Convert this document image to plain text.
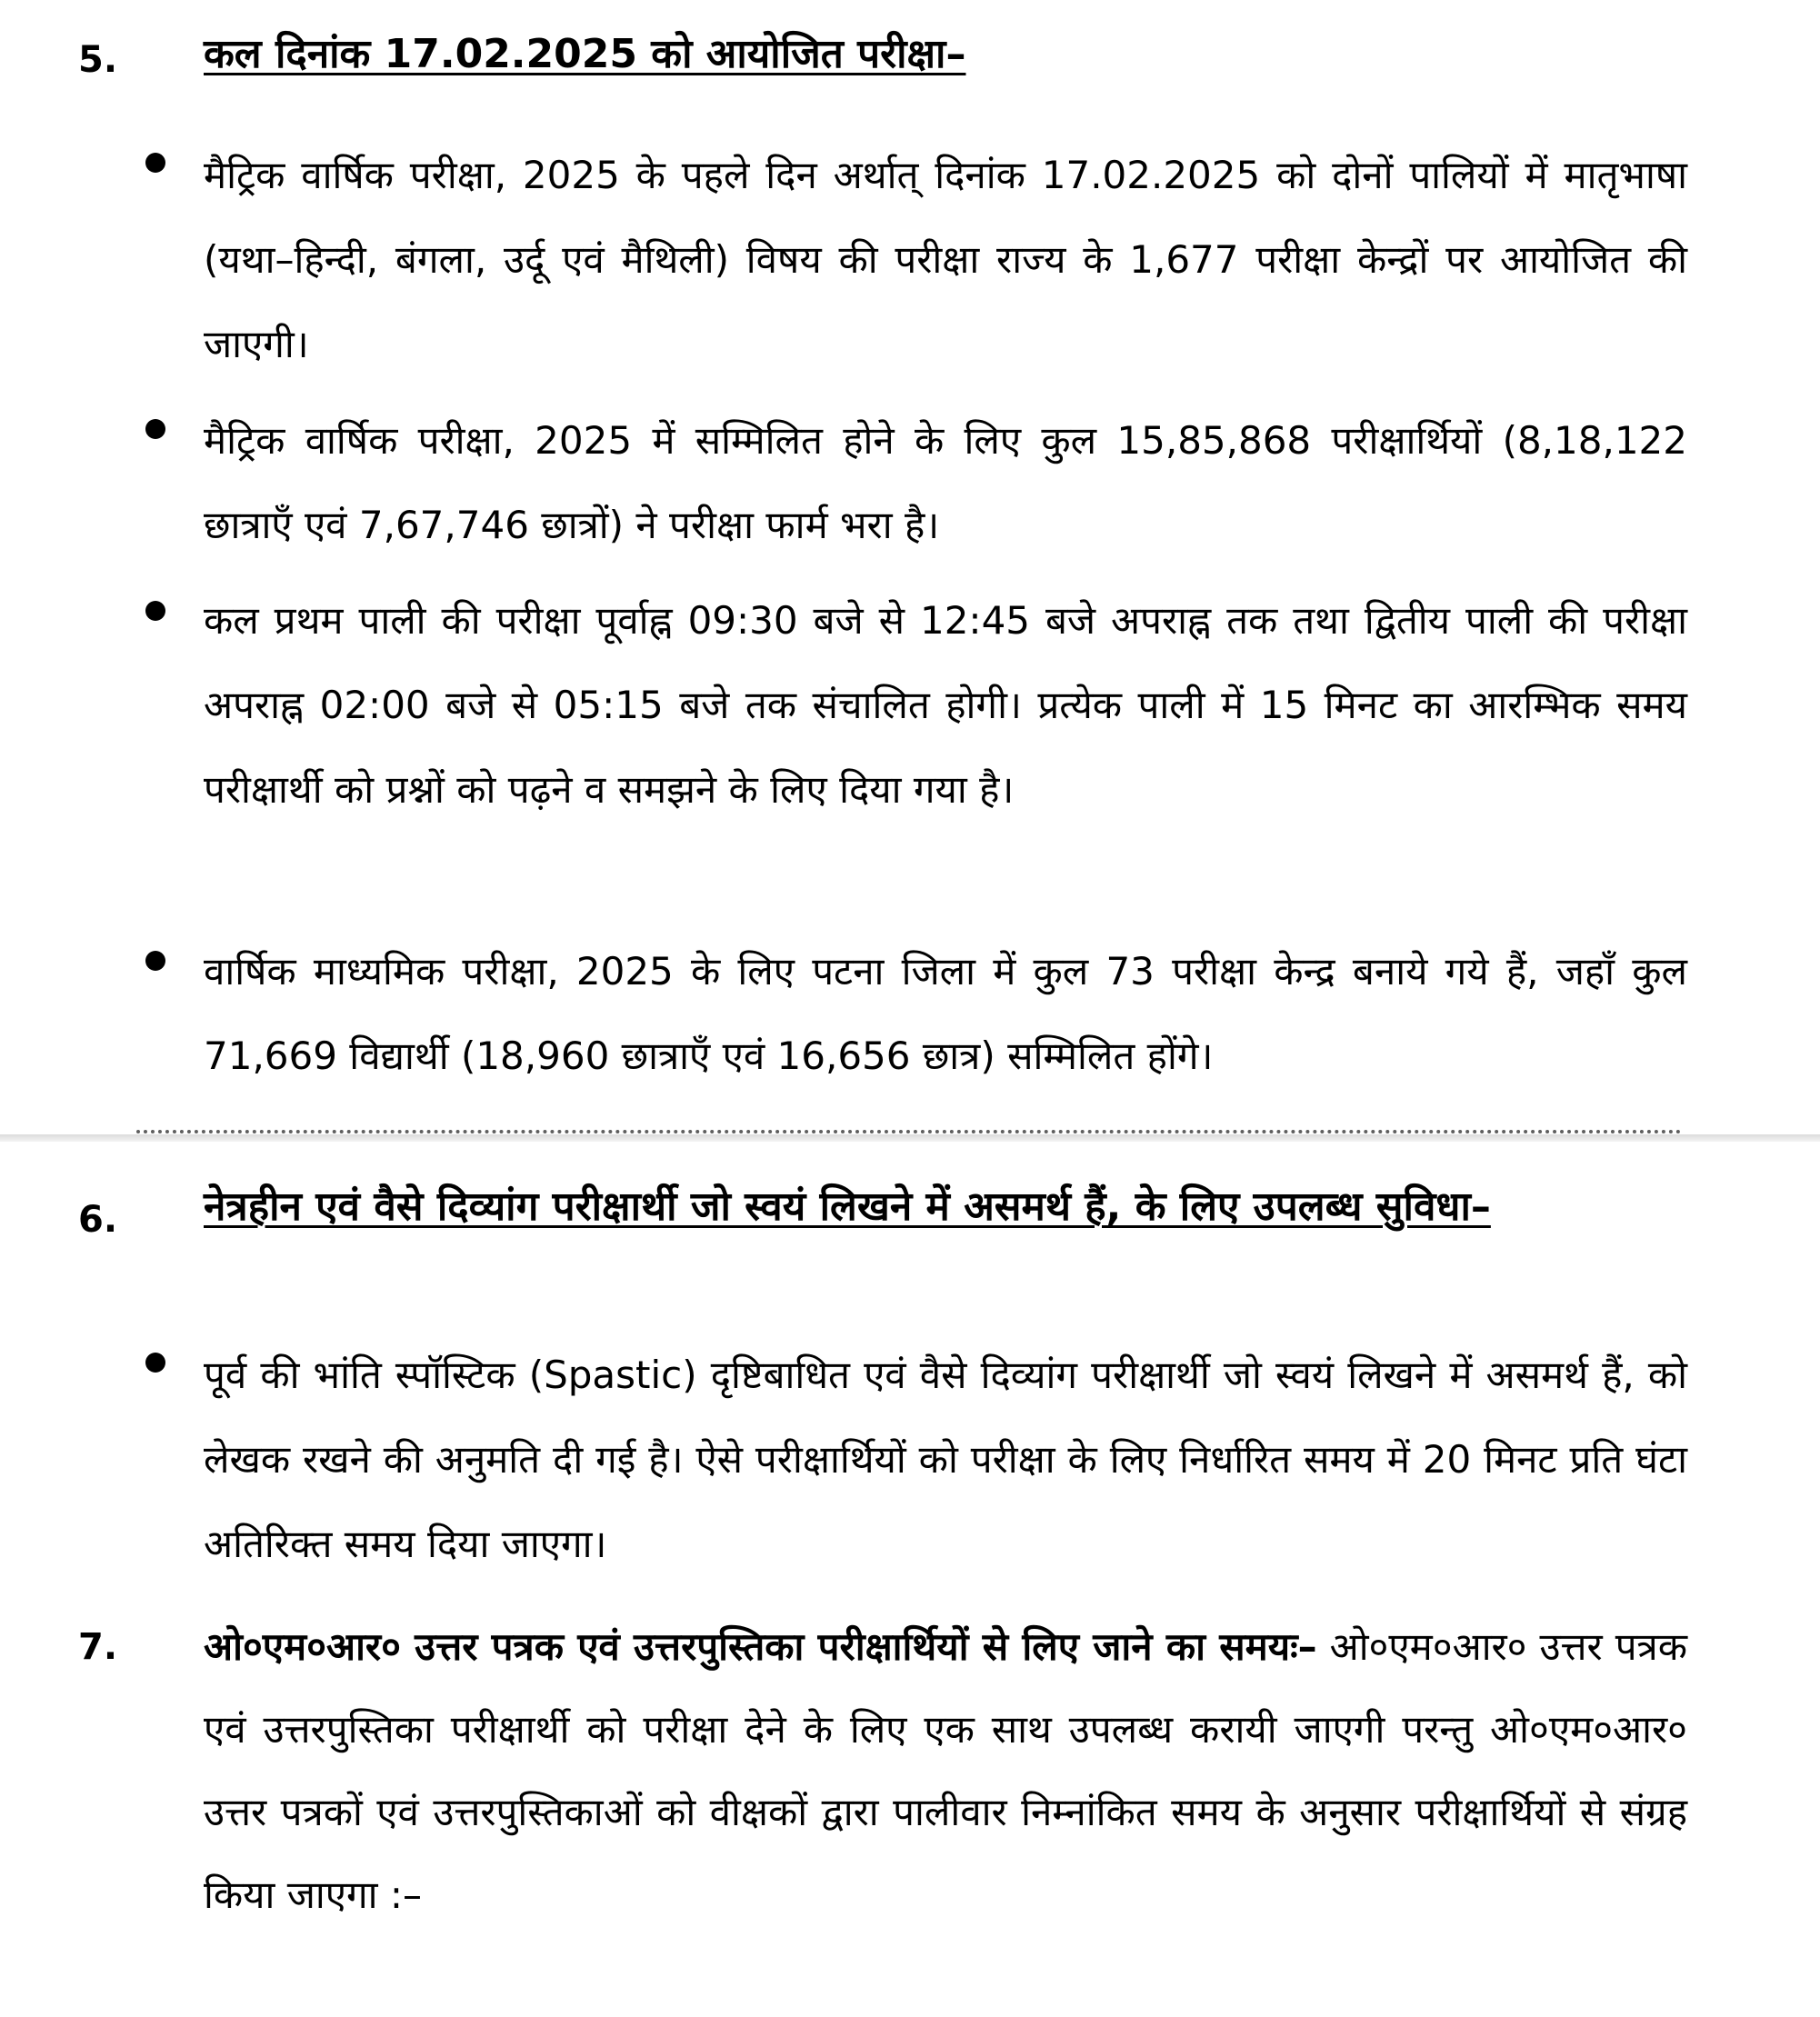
5. कल दिनांक 17.02.2025 को आयोजित परीक्षा–
मैट्रिक वार्षिक परीक्षा, 2025 के पहले दिन अर्थात् दिनांक 17.02.2025 को दोनों पालियों में मातृभाषा (यथा–हिन्दी, बंगला, उर्दू एवं मैथिली) विषय की परीक्षा राज्य के 1,677 परीक्षा केन्द्रों पर आयोजित की जाएगी।
मैट्रिक वार्षिक परीक्षा, 2025 में सम्मिलित होने के लिए कुल 15,85,868 परीक्षार्थियों (8,18,122 छात्राएँ एवं 7,67,746 छात्रों) ने परीक्षा फार्म भरा है।
कल प्रथम पाली की परीक्षा पूर्वाह्न 09:30 बजे से 12:45 बजे अपराह्न तक तथा द्वितीय पाली की परीक्षा अपराह्न 02:00 बजे से 05:15 बजे तक संचालित होगी। प्रत्येक पाली में 15 मिनट का आरम्भिक समय परीक्षार्थी को प्रश्नों को पढ़ने व समझने के लिए दिया गया है।
वार्षिक माध्यमिक परीक्षा, 2025 के लिए पटना जिला में कुल 73 परीक्षा केन्द्र बनाये गये हैं, जहाँ कुल 71,669 विद्यार्थी (18,960 छात्राएँ एवं 16,656 छात्र) सम्मिलित होंगे।
6. नेत्रहीन एवं वैसे दिव्यांग परीक्षार्थी जो स्वयं लिखने में असमर्थ हैं, के लिए उपलब्ध सुविधा–
पूर्व की भांति स्पॉस्टिक (Spastic) दृष्टिबाधित एवं वैसे दिव्यांग परीक्षार्थी जो स्वयं लिखने में असमर्थ हैं, को लेखक रखने की अनुमति दी गई है। ऐसे परीक्षार्थियों को परीक्षा के लिए निर्धारित समय में 20 मिनट प्रति घंटा अतिरिक्त समय दिया जाएगा।
7. ओ०एम०आर० उत्तर पत्रक एवं उत्तरपुस्तिका परीक्षार्थियों से लिए जाने का समयः– ओ०एम०आर० उत्तर पत्रक एवं उत्तरपुस्तिका परीक्षार्थी को परीक्षा देने के लिए एक साथ उपलब्ध करायी जाएगी परन्तु ओ०एम०आर० उत्तर पत्रकों एवं उत्तरपुस्तिकाओं को वीक्षकों द्वारा पालीवार निम्नांकित समय के अनुसार परीक्षार्थियों से संग्रह किया जाएगा :–
